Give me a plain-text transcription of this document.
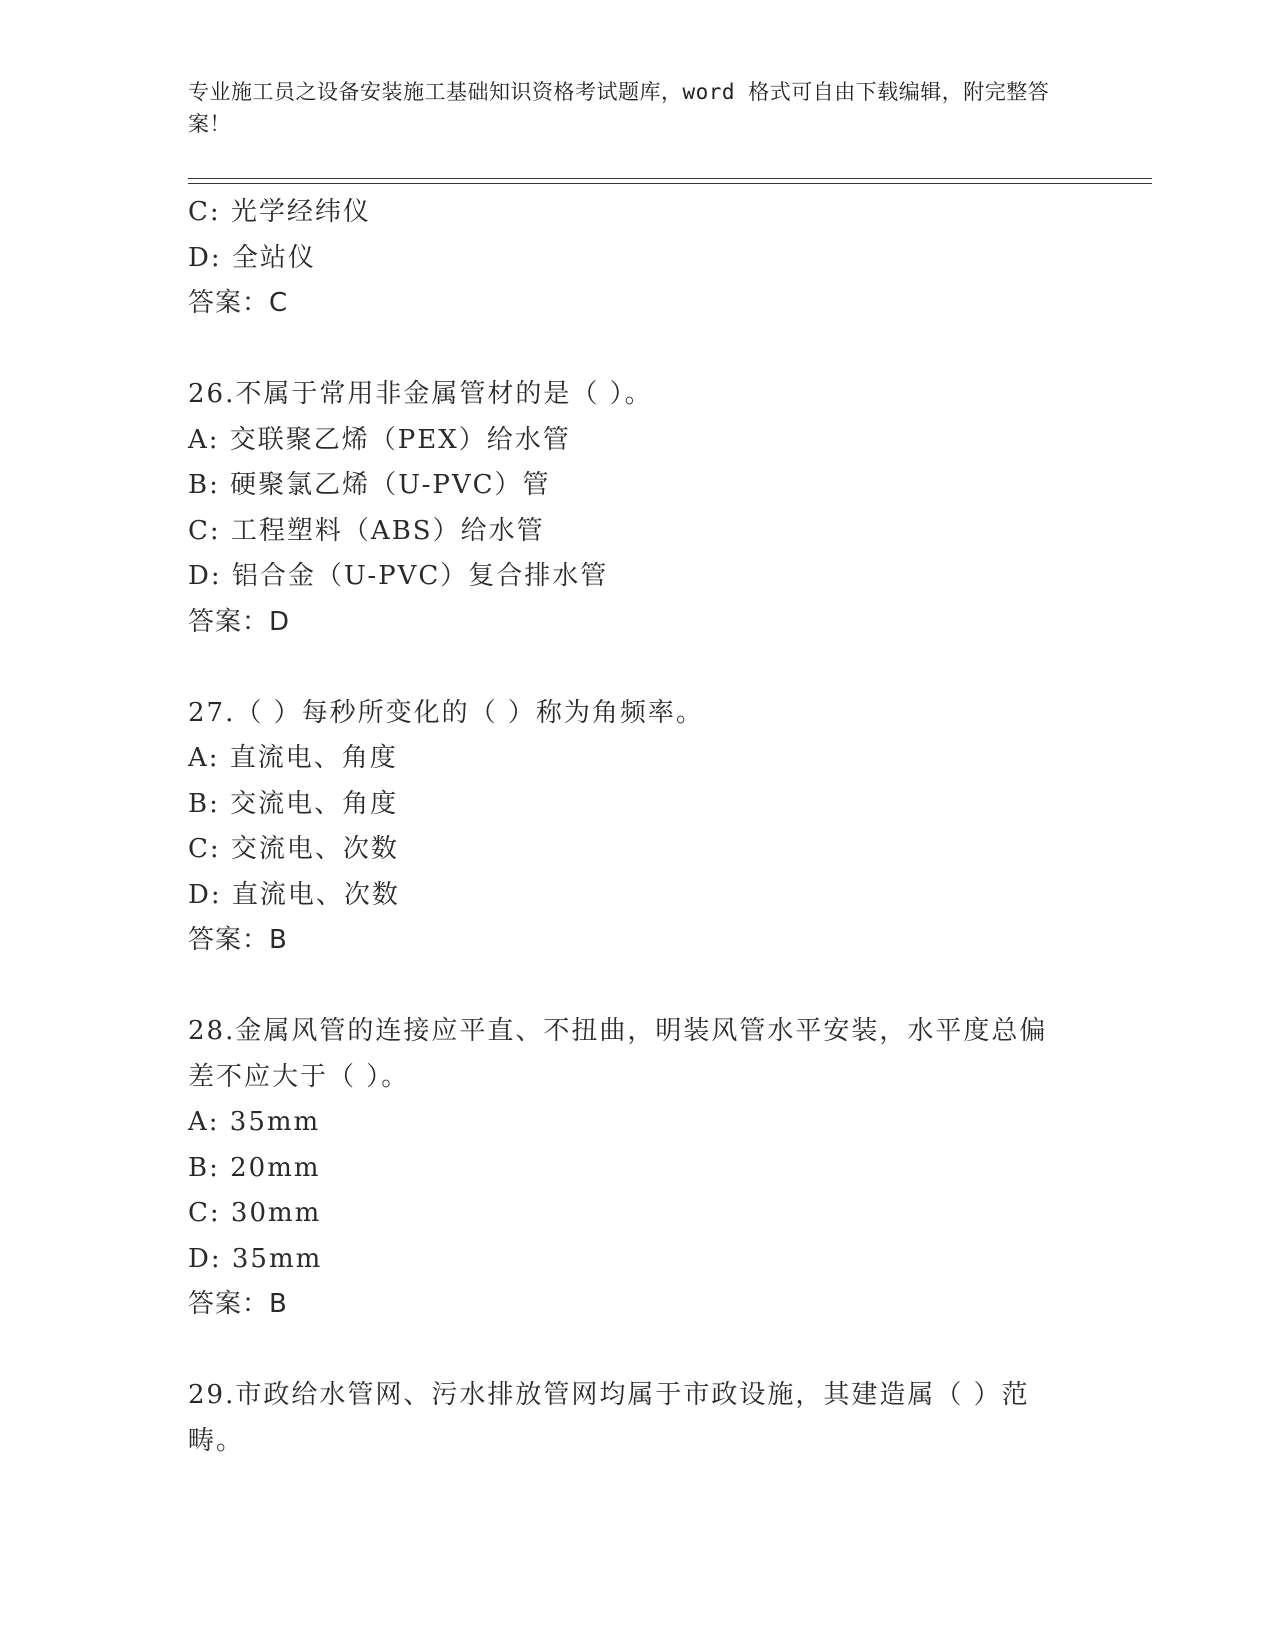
专业施工员之设备安装施工基础知识资格考试题库，word 格式可自由下载编辑，附完整答案！
C: 光学经纬仪
D: 全站仪
答案：C
26.不属于常用非金属管材的是（ ）。
A: 交联聚乙烯（PEX）给水管
B: 硬聚氯乙烯（U-PVC）管
C: 工程塑料（ABS）给水管
D: 铝合金（U-PVC）复合排水管
答案：D
27.（ ）每秒所变化的（ ）称为角频率。
A: 直流电、角度
B: 交流电、角度
C: 交流电、次数
D: 直流电、次数
答案：B
28.金属风管的连接应平直、不扭曲，明装风管水平安装，水平度总偏差不应大于（ ）。
A: 35mm
B: 20mm
C: 30mm
D: 35mm
答案：B
29.市政给水管网、污水排放管网均属于市政设施，其建造属（ ）范畴。
